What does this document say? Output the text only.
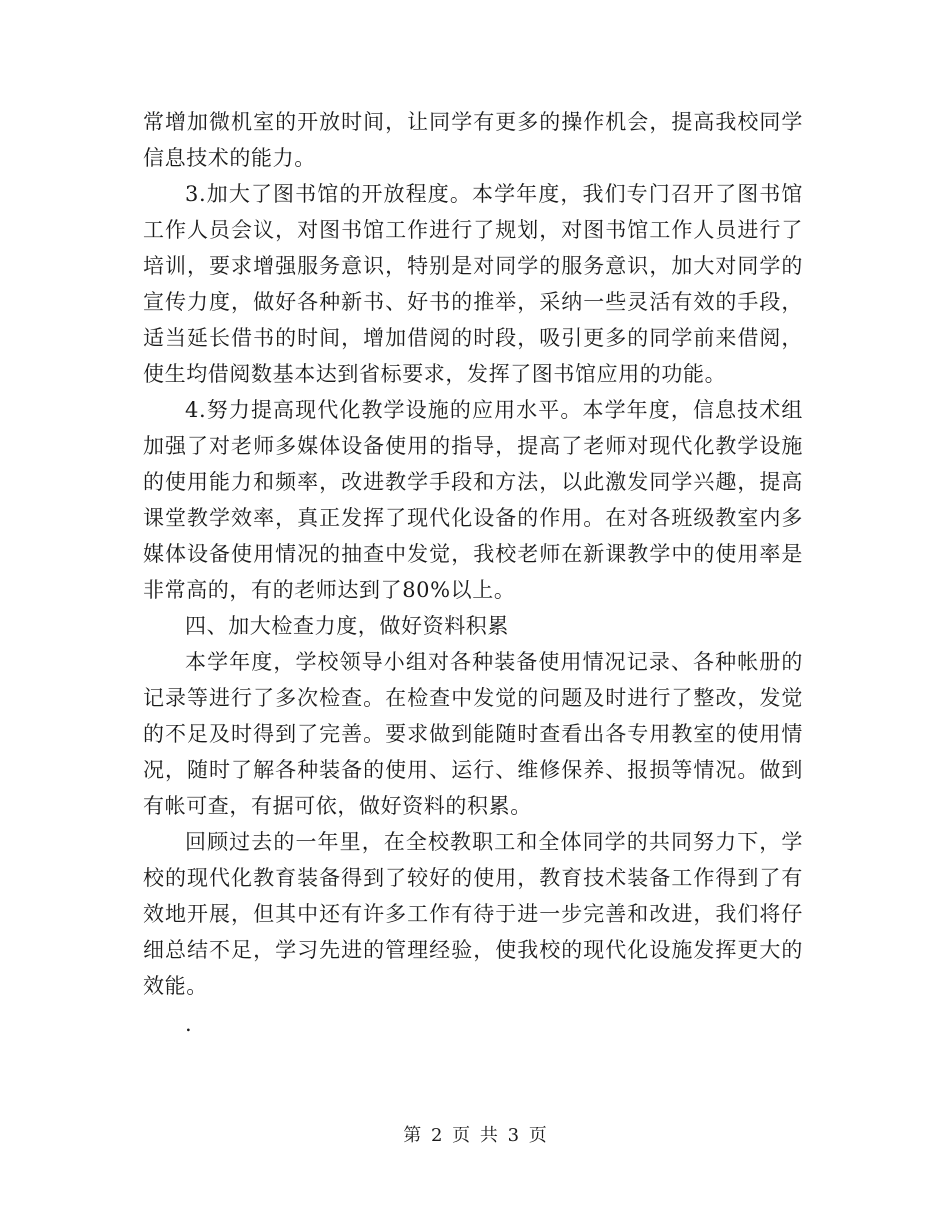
常增加微机室的开放时间，让同学有更多的操作机会，提高我校同学信息技术的能力。

3.加大了图书馆的开放程度。本学年度，我们专门召开了图书馆工作人员会议，对图书馆工作进行了规划，对图书馆工作人员进行了培训，要求增强服务意识，特别是对同学的服务意识，加大对同学的宣传力度，做好各种新书、好书的推举，采纳一些灵活有效的手段，适当延长借书的时间，增加借阅的时段，吸引更多的同学前来借阅，使生均借阅数基本达到省标要求，发挥了图书馆应用的功能。

4.努力提高现代化教学设施的应用水平。本学年度，信息技术组加强了对老师多媒体设备使用的指导，提高了老师对现代化教学设施的使用能力和频率，改进教学手段和方法，以此激发同学兴趣，提高课堂教学效率，真正发挥了现代化设备的作用。在对各班级教室内多媒体设备使用情况的抽查中发觉，我校老师在新课教学中的使用率是非常高的，有的老师达到了80%以上。

四、加大检查力度，做好资料积累

本学年度，学校领导小组对各种装备使用情况记录、各种帐册的记录等进行了多次检查。在检查中发觉的问题及时进行了整改，发觉的不足及时得到了完善。要求做到能随时查看出各专用教室的使用情况，随时了解各种装备的使用、运行、维修保养、报损等情况。做到有帐可查，有据可依，做好资料的积累。

回顾过去的一年里，在全校教职工和全体同学的共同努力下，学校的现代化教育装备得到了较好的使用，教育技术装备工作得到了有效地开展，但其中还有许多工作有待于进一步完善和改进，我们将仔细总结不足，学习先进的管理经验，使我校的现代化设施发挥更大的效能。

.

第 2 页 共 3 页
